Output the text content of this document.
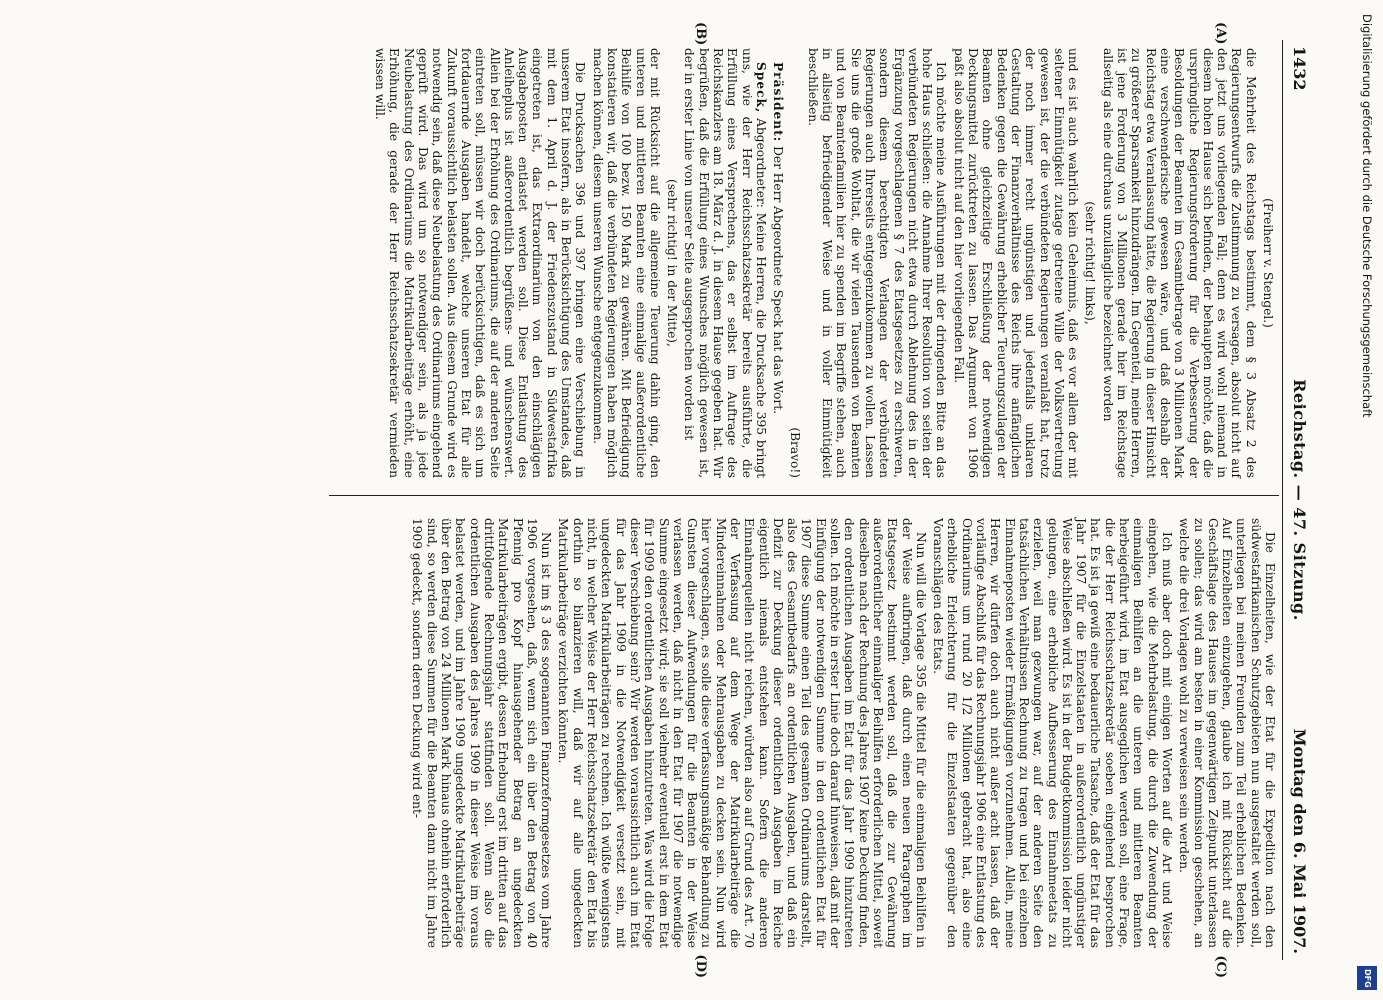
1432
Reichstag. — 47. Sitzung.
Montag den 6. Mai 1907.
(A)
(B)

(Freiherr v. Stengel.)

die Mehrheit des Reichstags bestimmt, dem § 3 Absatz 2 des Regierungsentwurfs die Zustimmung zu versagen, absolut nicht auf den jetzt uns vorliegenden Fall; denn es wird wohl niemand in diesem hohen Hause sich befinden, der behaupten möchte, daß die ursprüngliche Regierungsforderung für die Verbesserung der Besoldungen der Beamten im Gesamtbetrage von 3 Millionen Mark eine verschwenderische gewesen wäre, und daß deshalb der Reichstag etwa Veranlassung hätte, die Regierung in dieser Hinsicht zu größerer Sparsamkeit hinzudrängen. Im Gegenteil, meine Herren, ist jene Forderung von 3 Millionen gerade hier im Reichstage allseitig als eine durchaus unzulängliche bezeichnet worden

(sehr richtig! links),

und es ist auch wahrlich kein Geheimnis, daß es vor allem der mit seltener Einmütigkeit zutage getretene Wille der Volksvertretung gewesen ist, der die verbündeten Regierungen veranlaßt hat, trotz der noch immer recht ungünstigen und jedenfalls unklaren Gestaltung der Finanzverhältnisse des Reichs ihre anfänglichen Bedenken gegen die Gewährung erheblicher Teuerungszulagen der Beamten ohne gleichzeitige Erschließung der notwendigen Deckungsmittel zurücktreten zu lassen. Das Argument von 1906 paßt also absolut nicht auf den hier vorliegenden Fall.

Ich möchte meine Ausführungen mit der dringenden Bitte an das hohe Haus schließen: die Annahme Ihrer Resolution von seiten der verbündeten Regierungen nicht etwa durch Ablehnung des in der Ergänzung vorgeschlagenen § 7 des Etatsgesetzes zu erschweren, sondern diesem berechtigten Verlangen der verbündeten Regierungen auch Ihrerseits entgegenzukommen zu wollen. Lassen Sie uns die große Wohltat, die wir vielen Tausenden von Beamten und von Beamtenfamilien hier zu spenden im Begriffe stehen, auch in allseitig befriedigender Weise und in voller Einmütigkeit beschließen.

(Bravo!)

Präsident: Der Herr Abgeordnete Speck hat das Wort.

Speck, Abgeordneter: Meine Herren, die Drucksache 395 bringt uns, wie der Herr Reichsschatzsekretär bereits ausführte, die Erfüllung eines Versprechens, das er selbst im Auftrage des Reichskanzlers am 18. März d. J. in diesem Hause gegeben hat. Wir begrüßen, daß die Erfüllung eines Wunsches möglich gewesen ist, der in erster Linie von unserer Seite ausgesprochen worden ist

(sehr richtig! in der Mitte),

der mit Rücksicht auf die allgemeine Teuerung dahin ging, den unteren und mittleren Beamten eine einmalige außerordentliche Beihilfe von 100 bezw. 150 Mark zu gewähren. Mit Befriedigung konstatieren wir, daß die verbündeten Regierungen haben möglich machen können, diesem unseren Wunsche entgegenzukommen.

Die Drucksachen 396 und 397 bringen eine Verschiebung in unserem Etat insofern, als in Berücksichtigung des Umstandes, daß mit dem 1. April d. J. der Friedenszustand in Südwestafrika eingetreten ist, das Extraordinarium von den einschlägigen Ausgabeposten entlastet werden soll. Diese Entlastung des Anleiheplus ist außerordentlich begrüßens- und wünschenswert. Allein bei der Erhöhung des Ordinariums, die auf der anderen Seite eintreten soll, müssen wir doch berücksichtigen, daß es sich um fortdauernde Ausgaben handelt, welche unseren Etat für alle Zukunft voraussichtlich belasten sollen. Aus diesem Grunde wird es notwendig sein, daß diese Neubelastung des Ordinariums eingehend geprüft wird. Das wird um so notwendiger sein, als ja jede Neubelastung des Ordinariums die Matrikularbeiträge erhöht, eine Erhöhung, die gerade der Herr Reichsschatzsekretär vermieden wissen will.

(C)
(D)

Die Einzelheiten, wie der Etat für die Expedition nach den südwestafrikanischen Schutzgebieten nun ausgestaltet werden soll, unterliegen bei meinen Freunden zum Teil erheblichen Bedenken. Auf Einzelheiten einzugehen, glaube ich mit Rücksicht auf die Geschäftslage des Hauses im gegenwärtigen Zeitpunkt unterlassen zu sollen; das wird am besten in einer Kommission geschehen, an welche die drei Vorlagen wohl zu verweisen sein werden.

Ich muß aber doch mit einigen Worten auf die Art und Weise eingehen, wie die Mehrbelastung, die durch die Zuwendung der einmaligen Beihilfen an die unteren und mittleren Beamten herbeigeführt wird, im Etat ausgeglichen werden soll, eine Frage, die der Herr Reichsschatzsekretär soeben eingehend besprochen hat. Es ist ja gewiß eine bedauerliche Tatsache, daß der Etat für das Jahr 1907 für die Einzelstaaten in außerordentlich ungünstiger Weise abschließen wird. Es ist in der Budgetkommission leider nicht gelungen, eine erhebliche Aufbesserung des Einnahmeetats zu erzielen, weil man gezwungen war, auf der anderen Seite den tatsächlichen Verhältnissen Rechnung zu tragen und bei einzelnen Einnahmeposten wieder Ermäßigungen vorzunehmen. Allein, meine Herren, wir dürfen doch auch nicht außer acht lassen, daß der vorläufige Abschluß für das Rechnungsjahr 1906 eine Entlastung des Ordinariums um rund 20 1/2 Millionen gebracht hat, also eine erhebliche Erleichterung für die Einzelstaaten gegenüber den Voranschlägen des Etats.

Nun will die Vorlage 395 die Mittel für die einmaligen Beihilfen in der Weise aufbringen, daß durch einen neuen Paragraphen im Etatsgesetz bestimmt werden soll, daß die zur Gewährung außerordentlicher einmaliger Beihilfen erforderlichen Mittel, soweit dieselben nach der Rechnung des Jahres 1907 keine Deckung finden, den ordentlichen Ausgaben im Etat für das Jahr 1909 hinzutreten sollen. Ich möchte in erster Linie doch darauf hinweisen, daß mit der Einfügung der notwendigen Summe in den ordentlichen Etat für 1907 diese Summe einen Teil des gesamten Ordinariums darstellt, also des Gesamtbedarfs an ordentlichen Ausgaben, und daß ein Defizit zur Deckung dieser ordentlichen Ausgaben im Reiche eigentlich niemals entstehen kann. Sofern die anderen Einnahmequellen nicht reichen, würden also auf Grund des Art. 70 der Verfassung auf dem Wege der Matrikularbeiträge die Mindereinnahmen oder Mehrausgaben zu decken sein. Nun wird hier vorgeschlagen, es solle diese verfassungsmäßige Behandlung zu Gunsten dieser Aufwendungen für die Beamten in der Weise verlassen werden, daß nicht in den Etat für 1907 die notwendige Summe eingesetzt wird; sie soll vielmehr eventuell erst in dem Etat für 1909 den ordentlichen Ausgaben hinzutreten. Was wird die Folge dieser Verschiebung sein? Wir werden voraussichtlich auch im Etat für das Jahr 1909 in die Notwendigkeit versetzt sein, mit ungedeckten Matrikularbeiträgen zu rechnen. Ich wüßte wenigstens nicht, in welcher Weise der Herr Reichsschatzsekretär den Etat bis dorthin so bilanzieren will, daß wir auf alle ungedeckten Matrikularbeiträge verzichten könnten.

Nun ist im § 3 des sogenannten Finanzreformgesetzes vom Jahre 1906 vorgesehen, daß, wenn sich ein über den Betrag von 40 Pfennig pro Kopf hinausgehender Betrag an ungedeckten Matrikularbeiträgen ergibt, dessen Erhebung erst im dritten auf das drittfolgende Rechnungsjahr stattfinden soll. Wenn also die ordentlichen Ausgaben des Jahres 1909 in dieser Weise im voraus belastet werden, und im Jahre 1909 ungedeckte Matrikularbeiträge über den Betrag von 24 Millionen Mark hinaus ohnehin erforderlich sind, so werden diese Summen für die Beamten dann nicht im Jahre 1909 gedeckt, sondern deren Deckung wird ent-

Digitalisierung gefördert durch die Deutsche Forschungsgemeinschaft
DFG
